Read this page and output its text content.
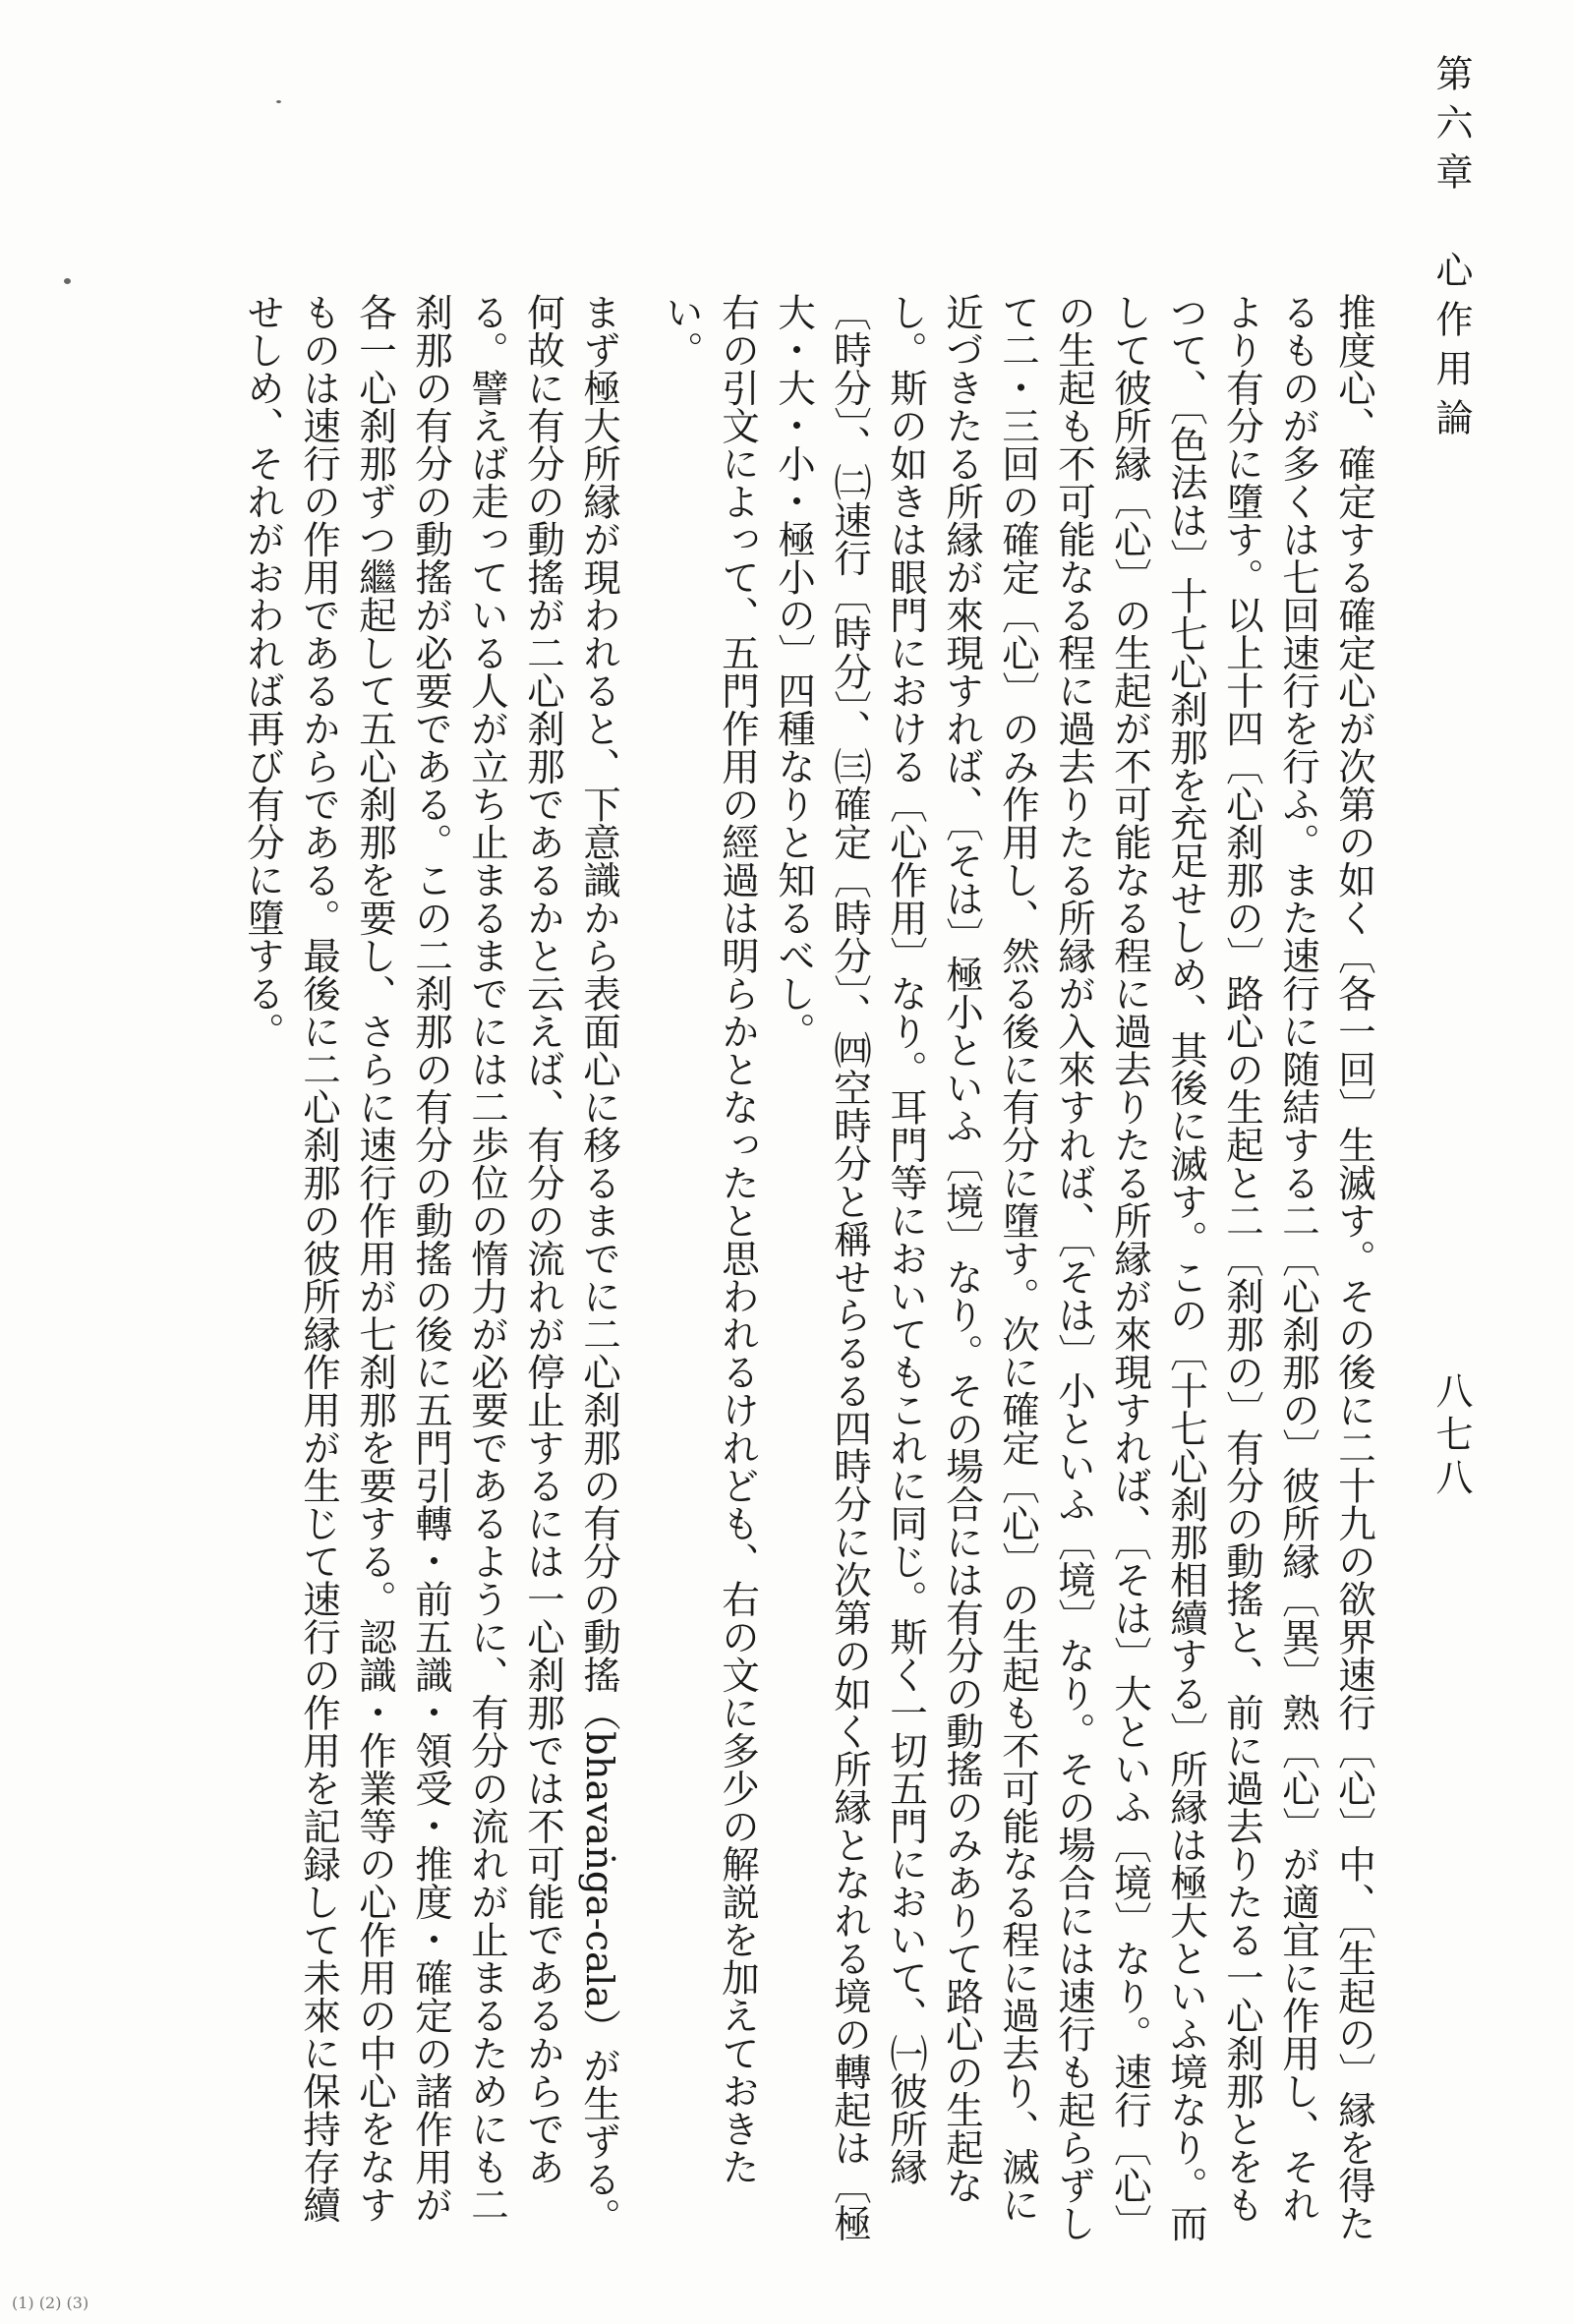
第六章　心作用論
八七八

推度心、確定する確定心が次第の如く〔各一回〕生滅す。その後に二十九の欲界速行〔心〕中、〔生起の〕縁を得たるものが多くは七回速行を行ふ。また速行に随結する二〔心刹那の〕彼所縁〔異〕熟〔心〕が適宜に作用し、それより有分に墮す。以上十四〔心刹那の〕路心の生起と二〔刹那の〕有分の動搖と、前に過去りたる一心刹那とをもつて、〔色法は〕十七心刹那を充足せしめ、其後に滅す。この〔十七心刹那相續する〕所縁は極大といふ境なり。而して彼所縁〔心〕の生起が不可能なる程に過去りたる所縁が來現すれば、〔そは〕大といふ〔境〕なり。速行〔心〕の生起も不可能なる程に過去りたる所縁が入來すれば、〔そは〕小といふ〔境〕なり。その場合には速行も起らずして二・三回の確定〔心〕のみ作用し、然る後に有分に墮す。次に確定〔心〕の生起も不可能なる程に過去り、滅に近づきたる所縁が來現すれば、〔そは〕極小といふ〔境〕なり。その場合には有分の動搖のみありて路心の生起なし。斯の如きは眼門における〔心作用〕なり。耳門等においてもこれに同じ。斯く一切五門において、㈠彼所縁〔時分〕、㈡速行〔時分〕、㈢確定〔時分〕、㈣空時分と稱せらるる四時分に次第の如く所縁となれる境の轉起は〔極大・大・小・極小の〕四種なりと知るべし。

右の引文によって、五門作用の經過は明らかとなったと思われるけれども、右の文に多少の解説を加えておきたい。

まず極大所縁が現われると、下意識から表面心に移るまでに二心刹那の有分の動搖（bhavaṅga-cala）が生ずる。何故に有分の動搖が二心刹那であるかと云えば、有分の流れが停止するには一心刹那では不可能であるからである。譬えば走っている人が立ち止まるまでには二歩位の惰力が必要であるように、有分の流れが止まるためにも二刹那の有分の動搖が必要である。この二刹那の有分の動搖の後に五門引轉・前五識・領受・推度・確定の諸作用が各一心刹那ずつ繼起して五心刹那を要し、さらに速行作用が七刹那を要する。認識・作業等の心作用の中心をなすものは速行の作用であるからである。最後に二心刹那の彼所縁作用が生じて速行の作用を記録して未來に保持存續せしめ、それがおわれば再び有分に墮する。

(1) (2) (3)
